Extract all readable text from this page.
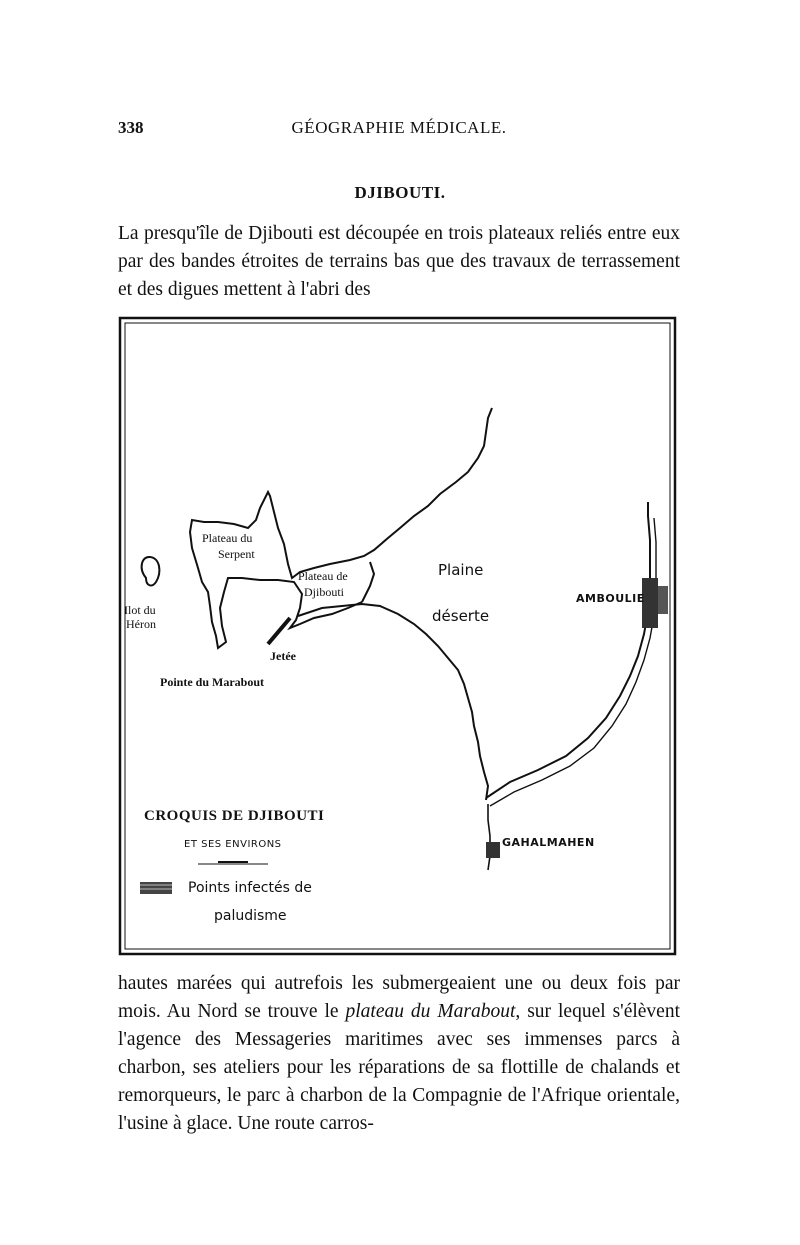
338	GÉOGRAPHIE MÉDICALE.
DJIBOUTI.

La presqu'île de Djibouti est découpée en trois plateaux reliés entre eux par des bandes étroites de terrains bas que des travaux de terrassement et des digues mettent à l'abri des

Plateau du
Serpent
Plateau de
Djibouti
Ilot du
Héron
Jetée
Pointe du Marabout
Plaine
déserte
AMBOULIE
GAHALMAHEN
CROQUIS DE DJIBOUTI
ET SES ENVIRONS
Points infectés de
paludisme

hautes marées qui autrefois les submergeaient une ou deux fois par mois. Au Nord se trouve le plateau du Marabout, sur lequel s'élèvent l'agence des Messageries maritimes avec ses immenses parcs à charbon, ses ateliers pour les réparations de sa flottille de chalands et remorqueurs, le parc à charbon de la Compagnie de l'Afrique orientale, l'usine à glace. Une route carros-
